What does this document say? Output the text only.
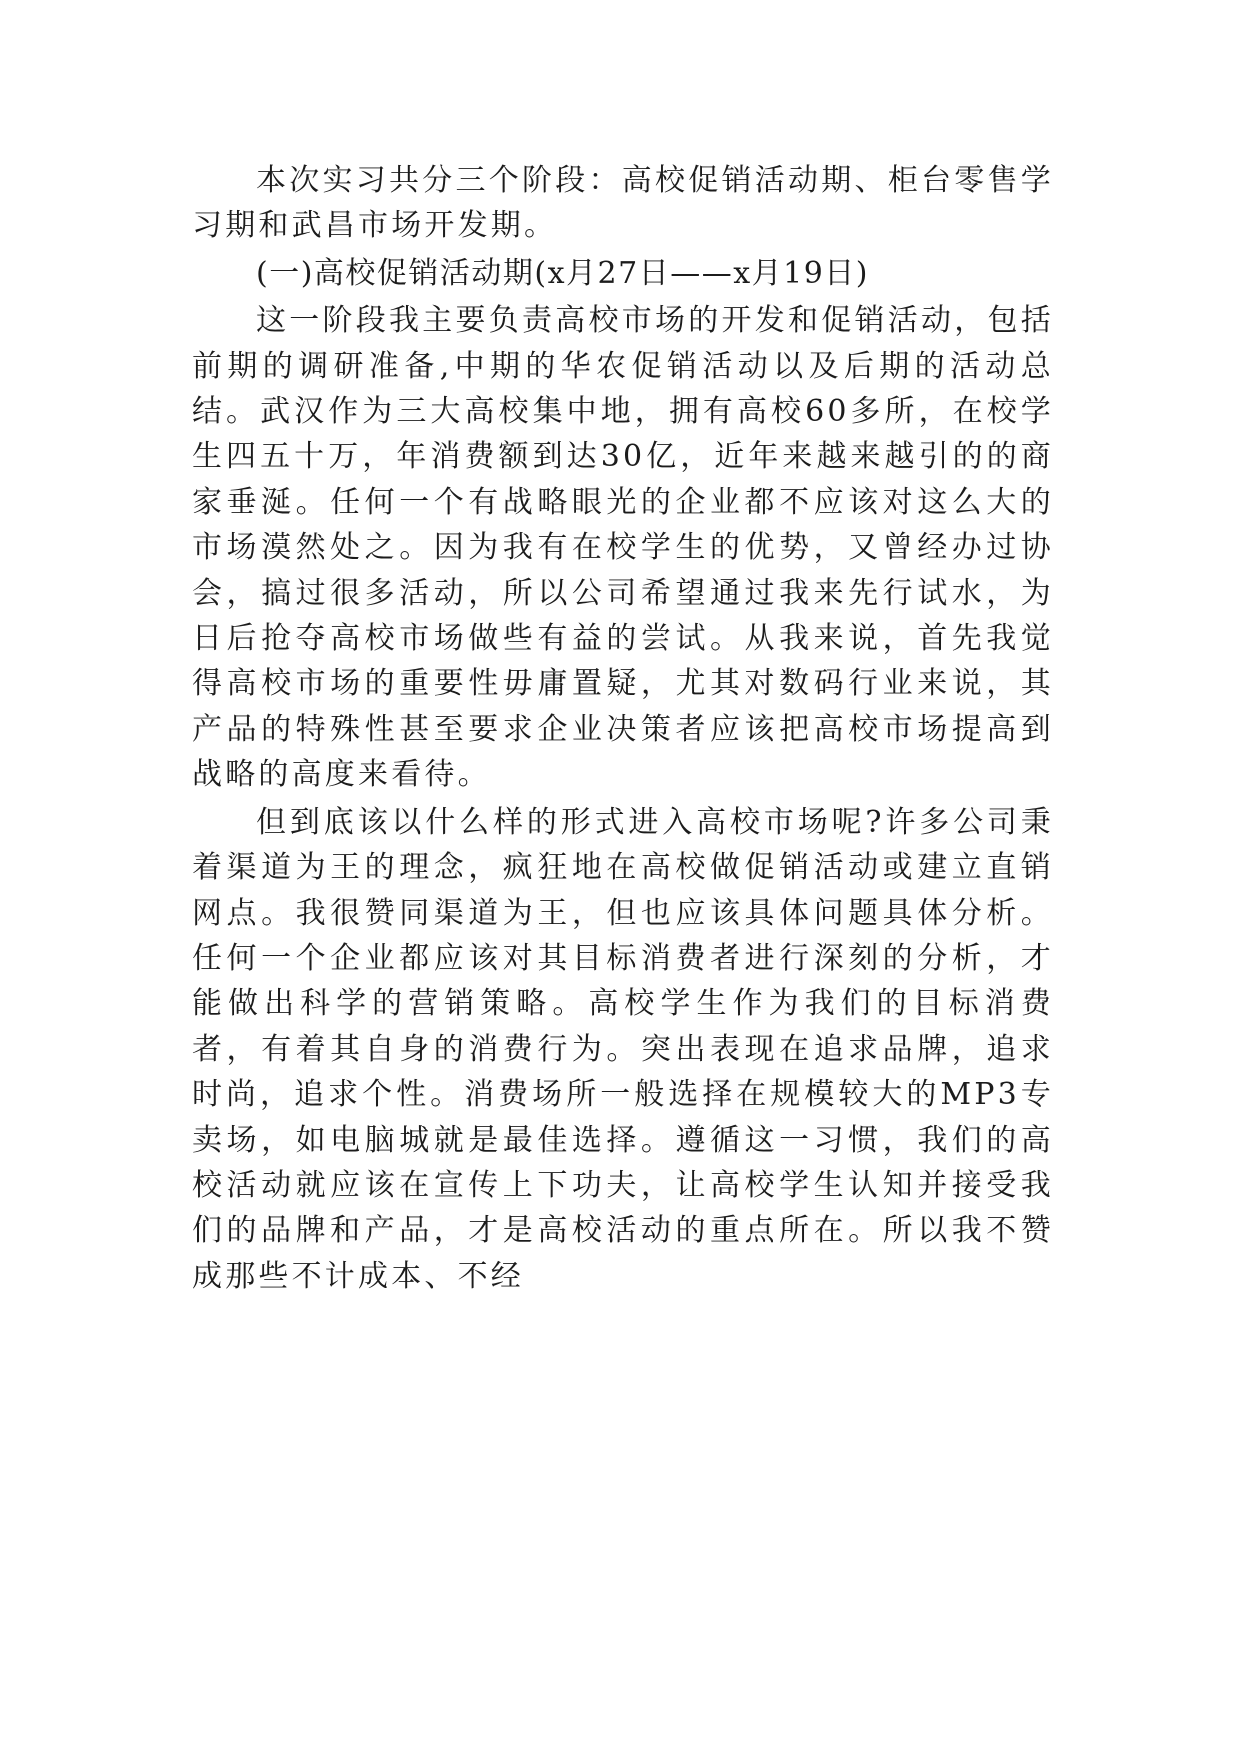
本次实习共分三个阶段：高校促销活动期、柜台零售学习期和武昌市场开发期。

(一)高校促销活动期(x月27日——x月19日)

这一阶段我主要负责高校市场的开发和促销活动，包括前期的调研准备,中期的华农促销活动以及后期的活动总结。武汉作为三大高校集中地，拥有高校60多所，在校学生四五十万，年消费额到达30亿，近年来越来越引的的商家垂涎。任何一个有战略眼光的企业都不应该对这么大的市场漠然处之。因为我有在校学生的优势，又曾经办过协会，搞过很多活动，所以公司希望通过我来先行试水，为日后抢夺高校市场做些有益的尝试。从我来说，首先我觉得高校市场的重要性毋庸置疑，尤其对数码行业来说，其产品的特殊性甚至要求企业决策者应该把高校市场提高到战略的高度来看待。

但到底该以什么样的形式进入高校市场呢?许多公司秉着渠道为王的理念，疯狂地在高校做促销活动或建立直销网点。我很赞同渠道为王，但也应该具体问题具体分析。任何一个企业都应该对其目标消费者进行深刻的分析，才能做出科学的营销策略。高校学生作为我们的目标消费者，有着其自身的消费行为。突出表现在追求品牌，追求时尚，追求个性。消费场所一般选择在规模较大的MP3专卖场，如电脑城就是最佳选择。遵循这一习惯，我们的高校活动就应该在宣传上下功夫，让高校学生认知并接受我们的品牌和产品，才是高校活动的重点所在。所以我不赞成那些不计成本、不经
